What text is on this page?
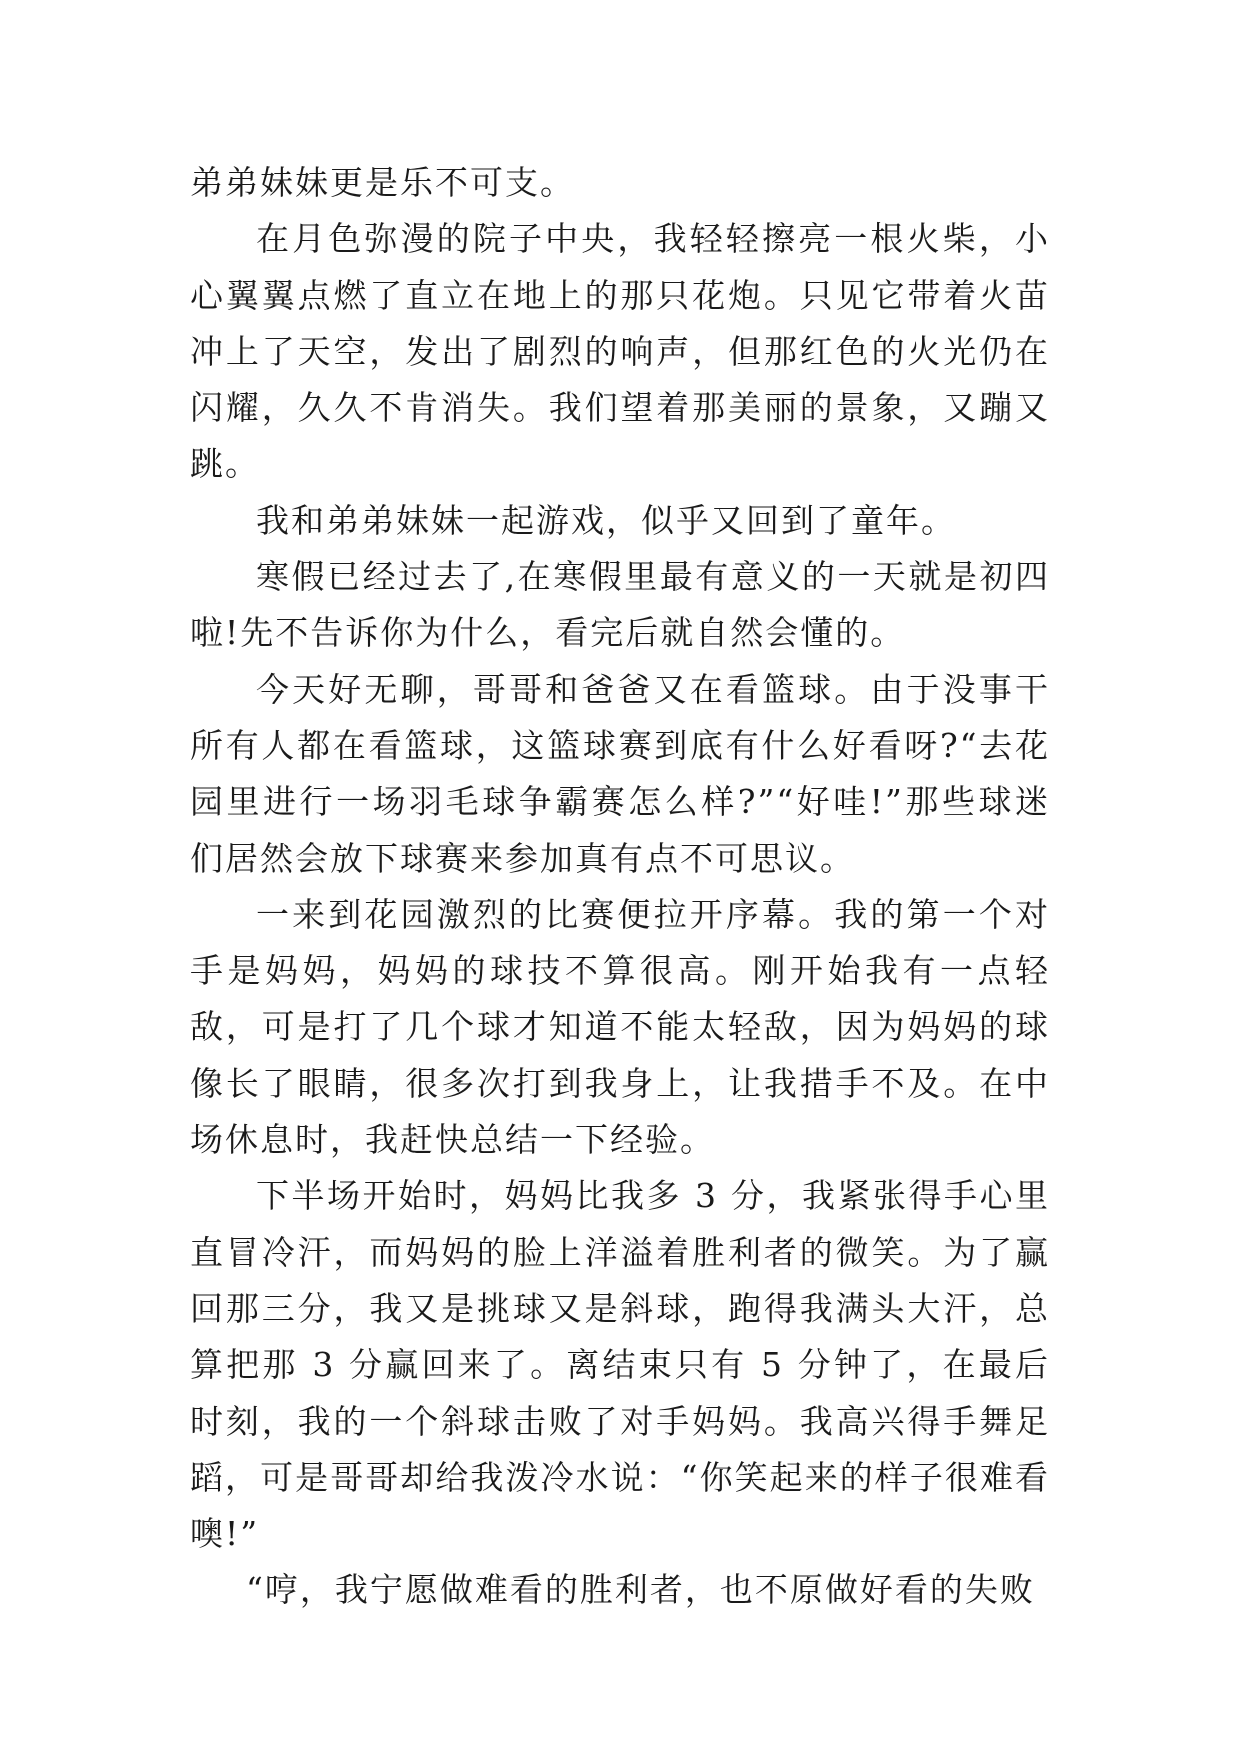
弟弟妹妹更是乐不可支。

在月色弥漫的院子中央，我轻轻擦亮一根火柴，小心翼翼点燃了直立在地上的那只花炮。只见它带着火苗冲上了天空，发出了剧烈的响声，但那红色的火光仍在闪耀，久久不肯消失。我们望着那美丽的景象，又蹦又跳。

我和弟弟妹妹一起游戏，似乎又回到了童年。

寒假已经过去了,在寒假里最有意义的一天就是初四啦!先不告诉你为什么，看完后就自然会懂的。

今天好无聊，哥哥和爸爸又在看篮球。由于没事干所有人都在看篮球，这篮球赛到底有什么好看呀?“去花园里进行一场羽毛球争霸赛怎么样?”“好哇!”那些球迷们居然会放下球赛来参加真有点不可思议。

一来到花园激烈的比赛便拉开序幕。我的第一个对手是妈妈，妈妈的球技不算很高。刚开始我有一点轻敌，可是打了几个球才知道不能太轻敌，因为妈妈的球像长了眼睛，很多次打到我身上，让我措手不及。在中场休息时，我赶快总结一下经验。

下半场开始时，妈妈比我多 3 分，我紧张得手心里直冒冷汗，而妈妈的脸上洋溢着胜利者的微笑。为了赢回那三分，我又是挑球又是斜球，跑得我满头大汗，总算把那 3 分赢回来了。离结束只有 5 分钟了，在最后时刻，我的一个斜球击败了对手妈妈。我高兴得手舞足蹈，可是哥哥却给我泼冷水说：“你笑起来的样子很难看噢!”

“哼，我宁愿做难看的胜利者，也不原做好看的失败
